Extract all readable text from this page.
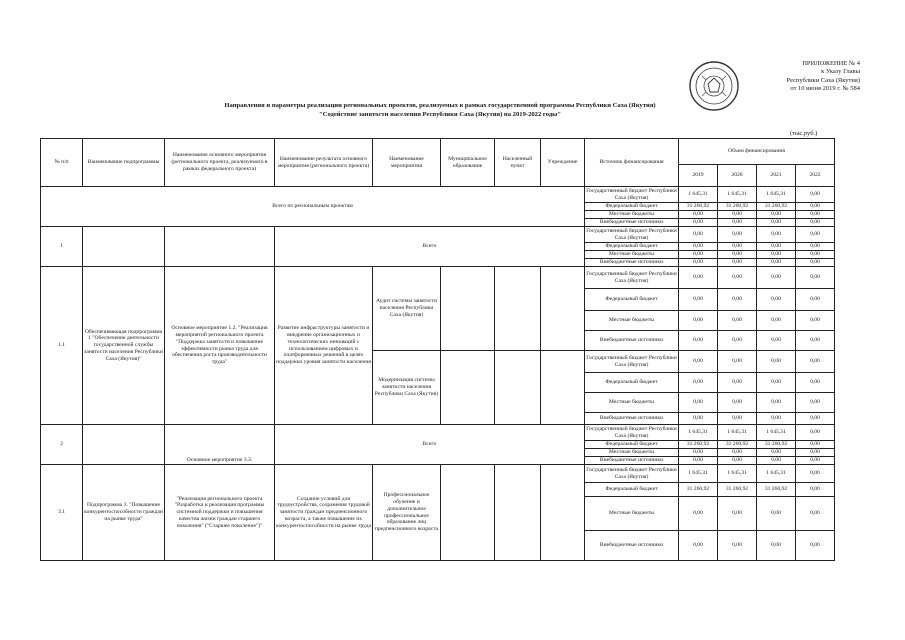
ПРИЛОЖЕНИЕ № 4
к Указу Главы
Республики Саха (Якутия)
от 10 июня 2019 г. № 584
Направления и параметры реализации региональных проектов, реализуемых в рамках государственной программы Республики Саха (Якутия)
"Содействие занятости населения Республики Саха (Якутия) на 2019-2022 годы"
(тыс.руб.)
№ п/п	Наименование подпрограммы	Наименование основного мероприятия (регионального проекта, реализуемого в рамках федерального проекта)	Наименование результата основного мероприятия (регионального проекта)	Наименование мероприятия	Муниципальное образование	Населенный пункт	Учреждение	Источник финансирования	Объем финансирования			
									2019	2020	2021	2022
Всего по региональным проектам								Государственный бюджет Республики Саха (Якутия)	1 645,31	1 645,31	1 645,31	0,00
								Федеральный бюджет	31 260,92	31 260,92	31 260,92	0,00
								Местные бюджеты	0,00	0,00	0,00	0,00
								Внебюджетные источники	0,00	0,00	0,00	0,00
1			Всего					Государственный бюджет Республики Саха (Якутия)	0,00	0,00	0,00	0,00
								Федеральный бюджет	0,00	0,00	0,00	0,00
								Местные бюджеты	0,00	0,00	0,00	0,00
								Внебюджетные источники	0,00	0,00	0,00	0,00
1.1	Обеспечивающая подпрограмма 1 "Обеспечение деятельности государственной службы занятости населения Республики Саха (Якутия)"	Основное мероприятие 1.2. "Реализация мероприятий регионального проекта "Поддержка занятости и повышение эффективности рынка труда для обеспечения роста производительности труда"	Развитие инфраструктуры занятости и внедрение организационных и технологических инноваций с использованием цифровых и платформенных решений в целях поддержки уровня занятости населения	Аудит системы занятости населения Республики Саха (Якутия)				Государственный бюджет Республики Саха (Якутия)	0,00	0,00	0,00	0,00
								Федеральный бюджет	0,00	0,00	0,00	0,00
								Местные бюджеты	0,00	0,00	0,00	0,00
								Внебюджетные источники	0,00	0,00	0,00	0,00
				Модернизация системы занятости населения Республики Саха (Якутия)				Государственный бюджет Республики Саха (Якутия)	0,00	0,00	0,00	0,00
								Федеральный бюджет	0,00	0,00	0,00	0,00
								Местные бюджеты	0,00	0,00	0,00	0,00
								Внебюджетные источники	0,00	0,00	0,00	0,00
2		Основное мероприятие 3.3.	Всего					Государственный бюджет Республики Саха (Якутия)	1 645,31	1 645,31	1 645,31	0,00
								Федеральный бюджет	31 260,92	31 260,92	31 260,92	0,00
								Местные бюджеты	0,00	0,00	0,00	0,00
								Внебюджетные источники	0,00	0,00	0,00	0,00
3.1	Подпрограмма 3. "Повышение конкурентоспособности граждан на рынке труда"	"Реализация регионального проекта "Разработка и реализация программы системной поддержки и повышения качества жизни граждан старшего поколения" ("Старшее поколение")"	Создание условий для трудоустройства, сохранения трудовой занятости граждан предпенсионного возраста, а также повышение их конкурентоспособности на рынке труда	Профессиональное обучение и дополнительное профессиональное образование лиц предпенсионного возраста				Государственный бюджет Республики Саха (Якутия)	1 645,31	1 645,31	1 645,31	0,00
								Федеральный бюджет	31 260,92	31 260,92	31 260,92	0,00
								Местные бюджеты	0,00	0,00	0,00	0,00
								Внебюджетные источники	0,00	0,00	0,00	0,00
